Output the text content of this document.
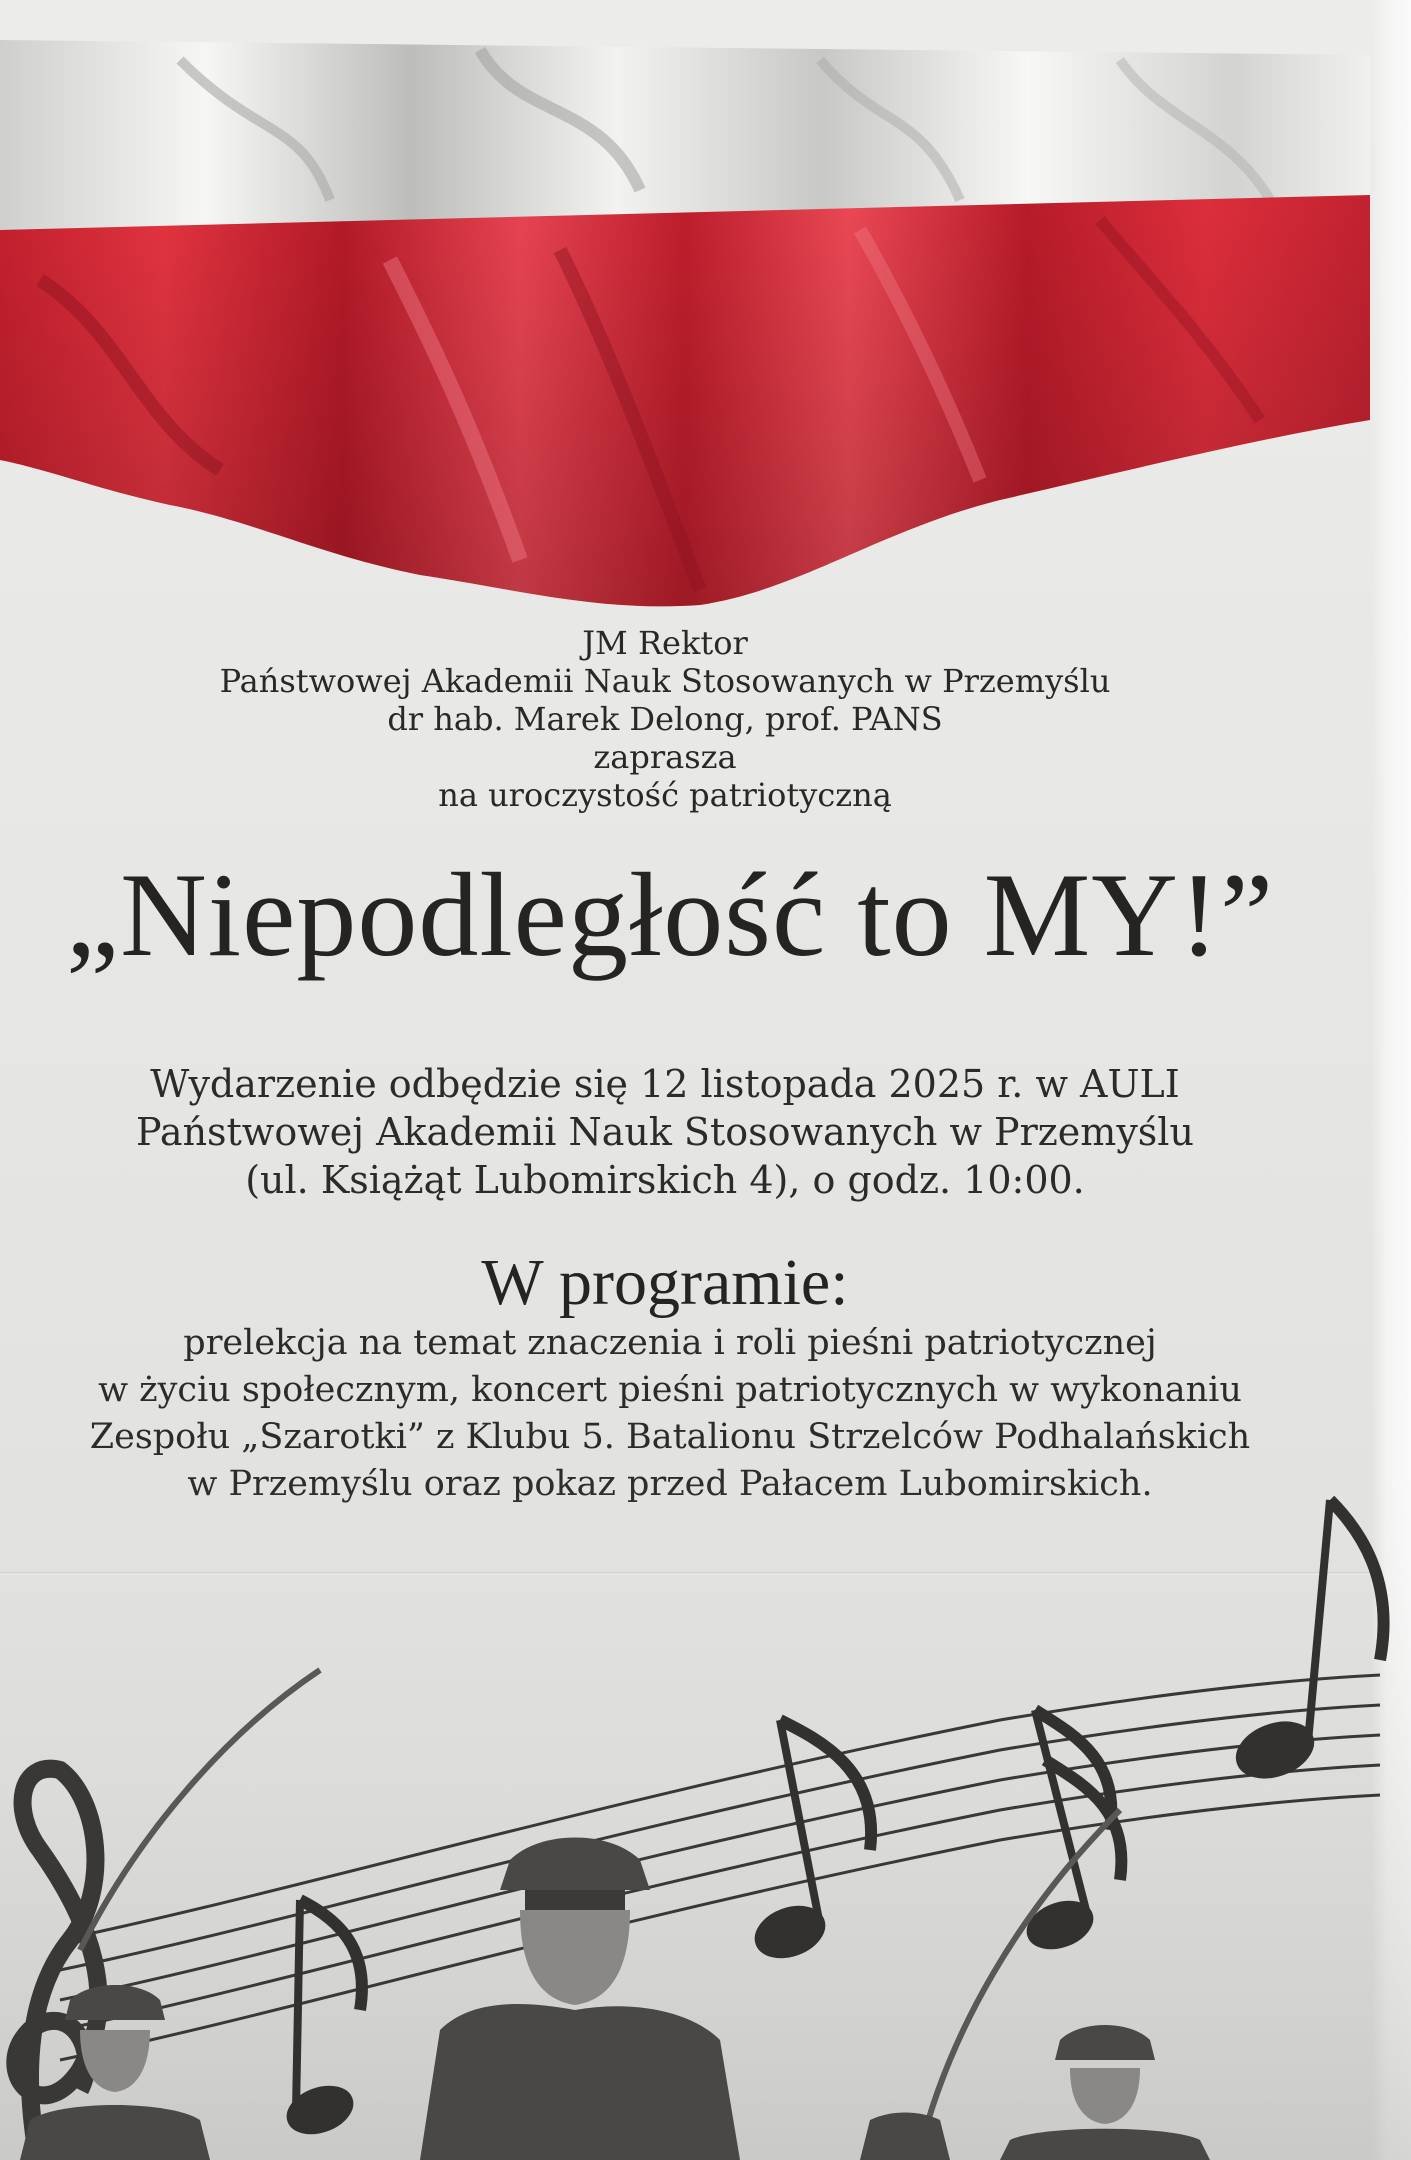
JM Rektor
Państwowej Akademii Nauk Stosowanych w Przemyślu
dr hab. Marek Delong, prof. PANS
zaprasza
na uroczystość patriotyczną
„Niepodległość to MY!”
Wydarzenie odbędzie się 12 listopada 2025 r. w AULI
Państwowej Akademii Nauk Stosowanych w Przemyślu
(ul. Książąt Lubomirskich 4), o godz. 10:00.
W programie:
prelekcja na temat znaczenia i roli pieśni patriotycznej
w życiu społecznym, koncert pieśni patriotycznych w wykonaniu
Zespołu „Szarotki” z Klubu 5. Batalionu Strzelców Podhalańskich
